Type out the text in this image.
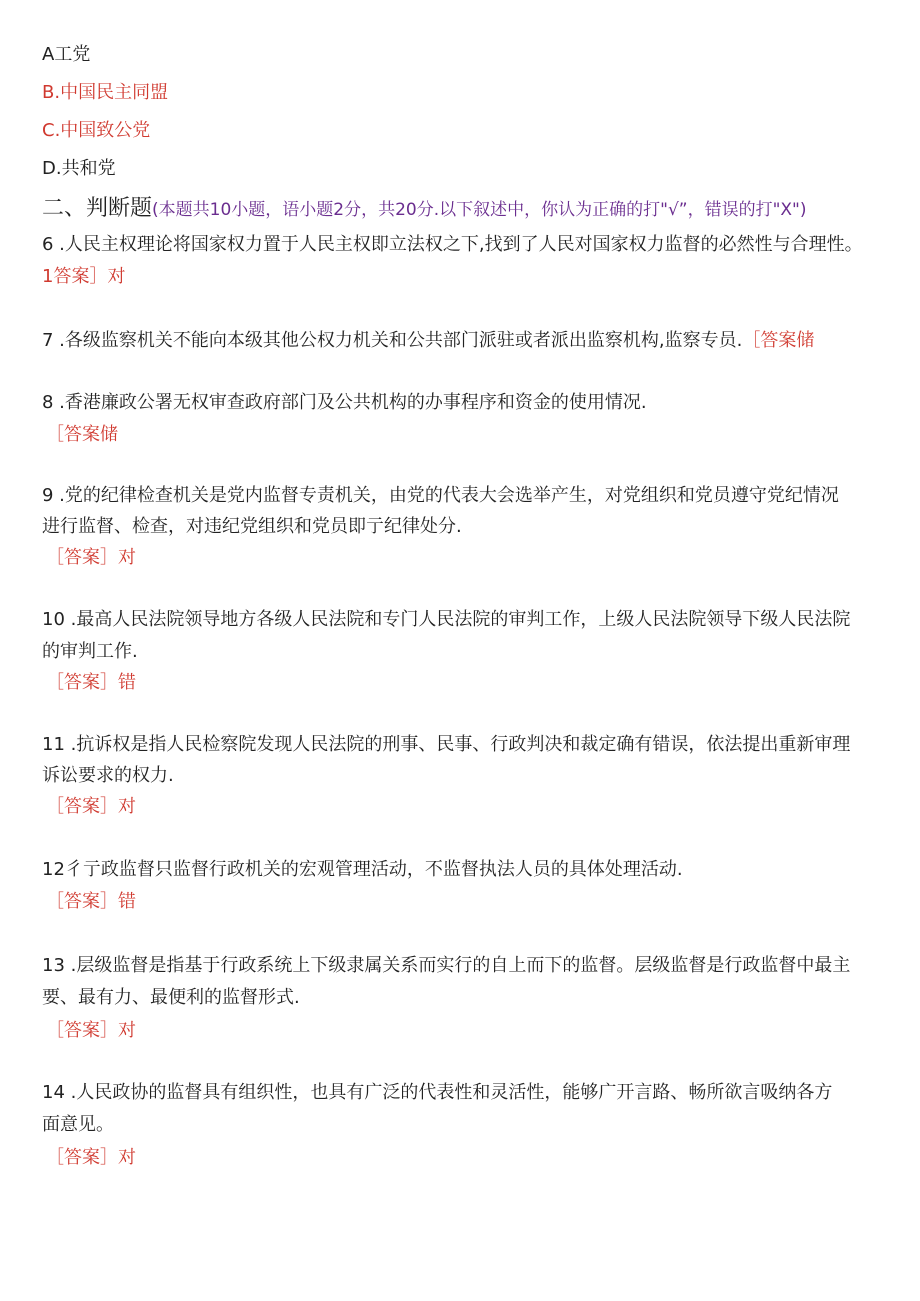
A工党
B.中国民主同盟
C.中国致公党
D.共和党
二、判断题(本题共10小题，语小题2分，共20分.以下叙述中，你认为正确的打"√”，错误的打"X")
6 .人民主权理论将国家权力置于人民主权即立法权之下,找到了人民对国家权力监督的必然性与合理性。
1答案］对
7 .各级监察机关不能向本级其他公权力机关和公共部门派驻或者派出监察机构,监察专员.［答案储
8 .香港廉政公署无权审查政府部门及公共机构的办事程序和资金的使用情况.
［答案储
9 .党的纪律检查机关是党内监督专责机关，由党的代表大会选举产生，对党组织和党员遵守党纪情况
进行监督、检查，对违纪党组织和党员即亍纪律处分.
［答案］对
10 .最高人民法院领导地方各级人民法院和专门人民法院的审判工作，上级人民法院领导下级人民法院
的审判工作.
［答案］错
11 .抗诉权是指人民检察院发现人民法院的刑事、民事、行政判决和裁定确有错误，依法提出重新审理
诉讼要求的权力.
［答案］对
12彳亍政监督只监督行政机关的宏观管理活动，不监督执法人员的具体处理活动.
［答案］错
13 .层级监督是指基于行政系统上下级隶属关系而实行的自上而下的监督。层级监督是行政监督中最主
要、最有力、最便利的监督形式.
［答案］对
14 .人民政协的监督具有组织性，也具有广泛的代表性和灵活性，能够广开言路、畅所欲言吸纳各方
面意见。
［答案］对
